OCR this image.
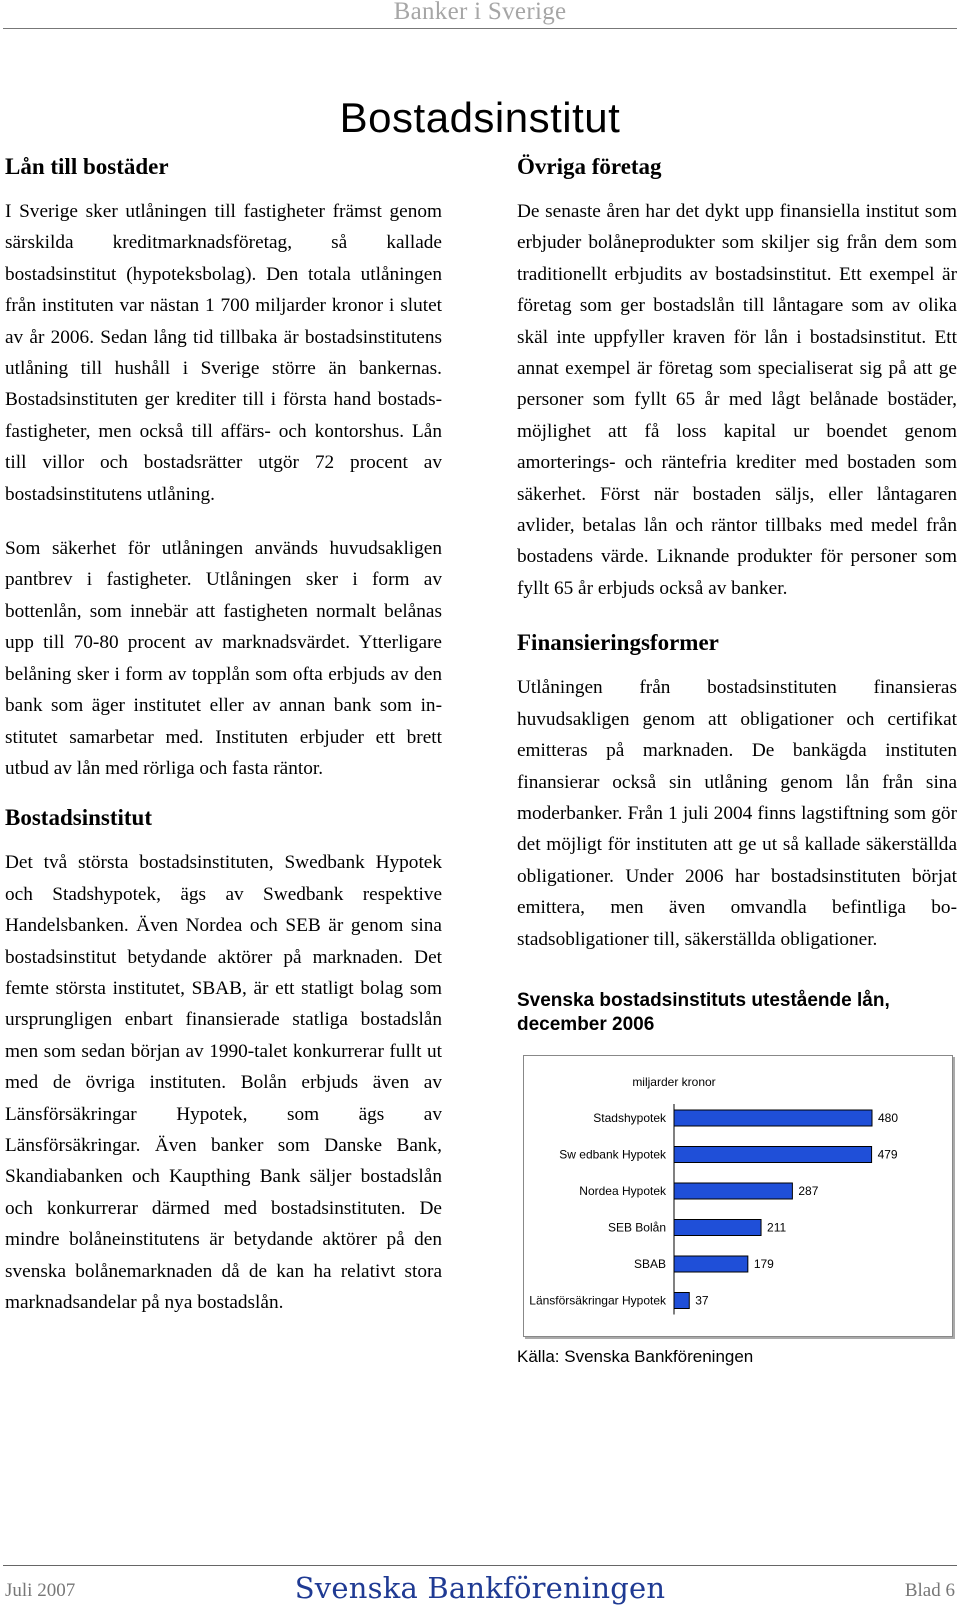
Banker i Sverige
Bostadsinstitut
Lån till bostäder

I Sverige sker utlåningen till fastigheter främst genom särskilda kreditmarknadsföretag, så kallade bostadsinstitut (hypoteksbolag). Den totala utlåningen från instituten var nästan 1 700 miljarder kronor i slutet av år 2006. Sedan lång tid tillbaka är bostadsinstitutens utlåning till hushåll i Sverige större än bankernas. Bostadsinstituten ger krediter till i första hand bostadsfastigheter, men också till affärs- och kontorshus. Lån till villor och bostadsrätter utgör 72 procent av bostadsinstitutens utlåning.

Som säkerhet för utlåningen används huvudsakligen pantbrev i fastigheter. Utlåningen sker i form av bottenlån, som innebär att fastigheten normalt belånas upp till 70-80 procent av marknadsvärdet. Ytterligare belåning sker i form av topplån som ofta erbjuds av den bank som äger institutet eller av annan bank som institutet samarbetar med. Instituten erbjuder ett brett utbud av lån med rörliga och fasta räntor.

Bostadsinstitut

Det två största bostadsinstituten, Swedbank Hypotek och Stadshypotek, ägs av Swedbank respektive Handelsbanken. Även Nordea och SEB är genom sina bostadsinstitut betydande aktörer på marknaden. Det femte största institutet, SBAB, är ett statligt bolag som ursprungligen enbart finansierade statliga bostadslån men som sedan början av 1990-talet konkurrerar fullt ut med de övriga instituten. Bolån erbjuds även av Länsförsäkringar Hypotek, som ägs av Länsförsäkringar. Även banker som Danske Bank, Skandiabanken och Kaupthing Bank säljer bostadslån och konkurrerar därmed med bostadsinstituten. De mindre bolåneinstitutens är betydande aktörer på den svenska bolånemarknaden då de kan ha relativt stora marknadsandelar på nya bostadslån.

Övriga företag

De senaste åren har det dykt upp finansiella institut som erbjuder bolåneprodukter som skiljer sig från dem som traditionellt erbjudits av bostadsinstitut. Ett exempel är företag som ger bostadslån till låntagare som av olika skäl inte uppfyller kraven för lån i bostadsinstitut. Ett annat exempel är företag som specialiserat sig på att ge personer som fyllt 65 år med lågt belånade bostäder, möjlighet att få loss kapital ur boendet genom amorterings- och räntefria krediter med bostaden som säkerhet. Först när bostaden säljs, eller låntagaren avlider, betalas lån och räntor tillbaks med medel från bostadens värde. Liknande produkter för personer som fyllt 65 år erbjuds också av banker.

Finansieringsformer

Utlåningen från bostadsinstituten finansieras huvudsakligen genom att obligationer och certifikat emitteras på marknaden. De bankägda instituten finansierar också sin utlåning genom lån från sina moderbanker. Från 1 juli 2004 finns lagstiftning som gör det möjligt för instituten att ge ut så kallade säkerställda obligationer. Under 2006 har bostadsinstituten börjat emittera, men även omvandla befintliga bostadsobligationer till, säkerställda obligationer.

Svenska bostadsinstituts utestående lån, december 2006
miljarder kronor
Stadshypotek	480
Sw edbank Hypotek	479
Nordea Hypotek	287
SEB Bolån	211
SBAB	179
Länsförsäkringar Hypotek 37
Källa: Svenska Bankföreningen
Juli 2007	Svenska Bankföreningen	Blad 6
